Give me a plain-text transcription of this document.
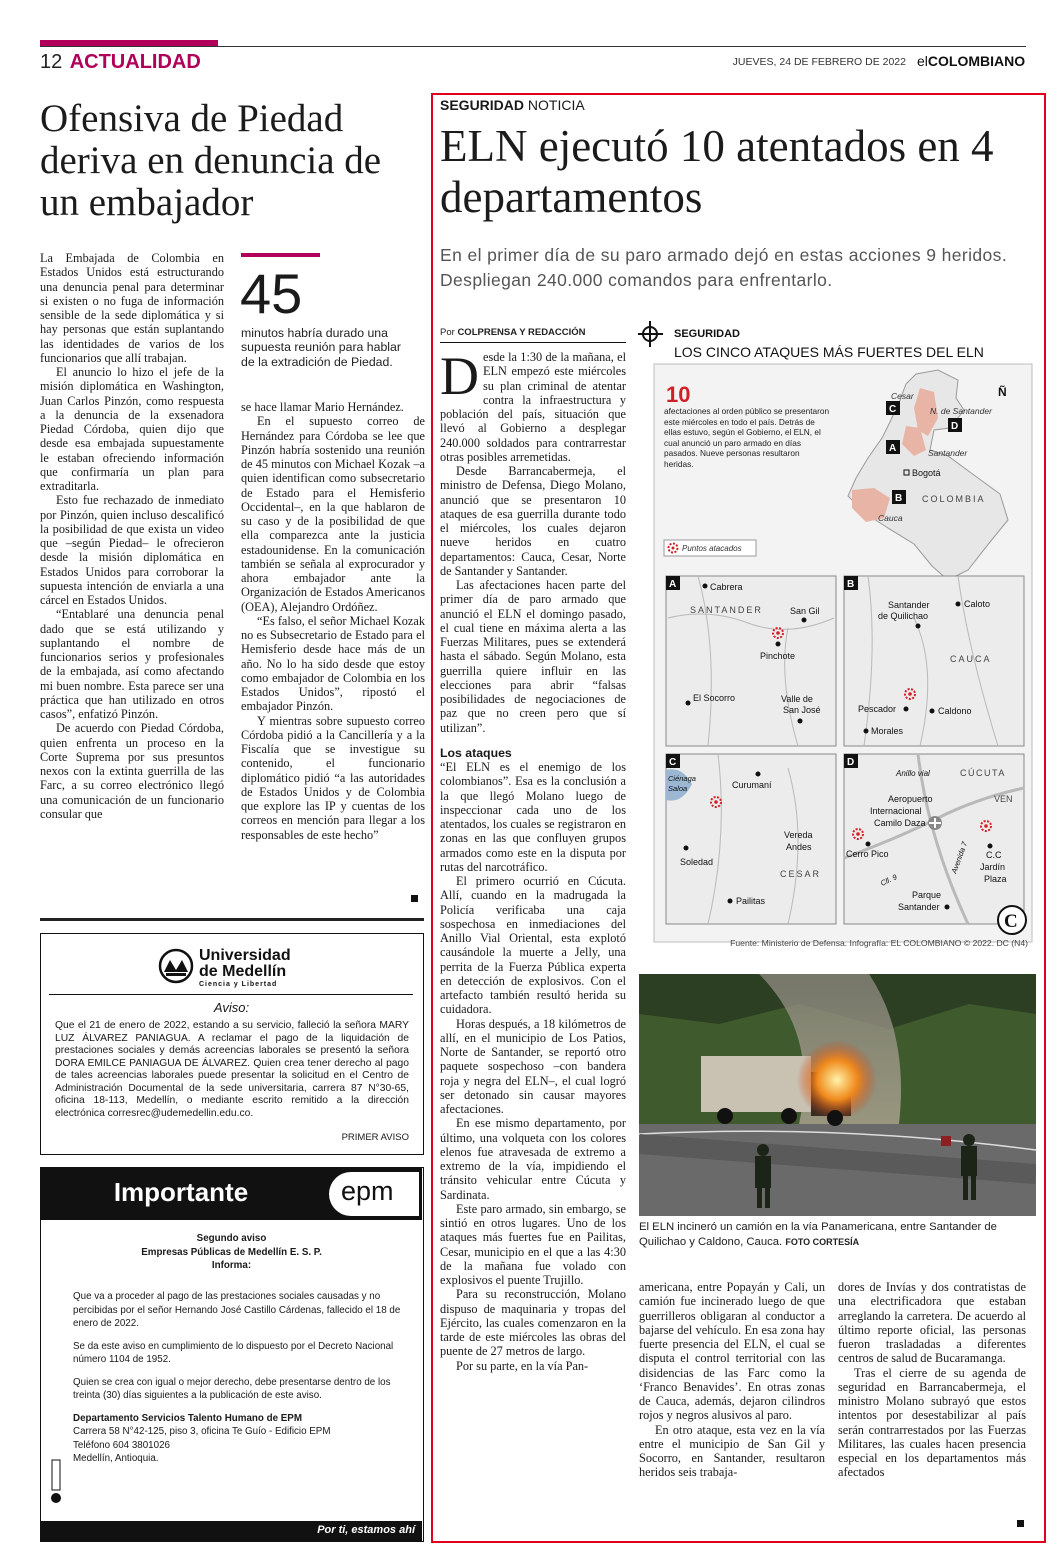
12 ACTUALIDAD	JUEVES, 24 DE FEBRERO DE 2022 elCOLOMBIANO
Ofensiva de Piedad deriva en denuncia de un embajador

La Embajada de Colombia en Estados Unidos está estructurando una denuncia penal para determinar si existen o no fuga de información sensible de la sede diplomática y si hay personas que están suplantando las identidades de varios de los funcionarios que allí trabajan.

El anuncio lo hizo el jefe de la misión diplomática en Washington, Juan Carlos Pinzón, como respuesta a la denuncia de la exsenadora Piedad Córdoba, quien dijo que desde esa embajada supuestamente le estaban ofreciendo información que confirmaría un plan para extraditarla.

Esto fue rechazado de inmediato por Pinzón, quien incluso descalificó la posibilidad de que exista un video que –según Piedad– le ofrecieron desde la misión diplomática en Estados Unidos para corroborar la supuesta intención de enviarla a una cárcel en Estados Unidos.

“Entablaré una denuncia penal dado que se está utilizando y suplantando el nombre de funcionarios serios y profesionales de la embajada, así como afectando mi buen nombre. Esta parece ser una práctica que han utilizado en otros casos”, enfatizó Pinzón.

De acuerdo con Piedad Córdoba, quien enfrenta un proceso en la Corte Suprema por sus presuntos nexos con la extinta guerrilla de las Farc, a su correo electrónico llegó una comunicación de un funcionario consular que

45
minutos habría durado una supuesta reunión para hablar de la extradición de Piedad.

se hace llamar Mario Hernández.

En el supuesto correo de Hernández para Córdoba se lee que Pinzón habría sostenido una reunión de 45 minutos con Michael Kozak –a quien identifican como subsecretario de Estado para el Hemisferio Occidental–, en la que hablaron de su caso y de la posibilidad de que ella comparezca ante la justicia estadounidense. En la comunicación también se señala al exprocurador y ahora embajador ante la Organización de Estados Americanos (OEA), Alejandro Ordóñez.

“Es falso, el señor Michael Kozak no es Subsecretario de Estado para el Hemisferio desde hace más de un año. No lo ha sido desde que estoy como embajador de Colombia en los Estados Unidos”, ripostó el embajador Pinzón.

Y mientras sobre supuesto correo Córdoba pidió a la Cancillería y a la Fiscalía que se investigue su contenido, el funcionario diplomático pidió “a las autoridades de Estados Unidos y de Colombia que explore las IP y cuentas de los correos en mención para llegar a los responsables de este hecho”

Universidad
de Medellín
Ciencia y Libertad
Aviso:
Que el 21 de enero de 2022, estando a su servicio, falleció la señora MARY LUZ ÁLVAREZ PANIAGUA. A reclamar el pago de la liquidación de prestaciones sociales y demás acreencias laborales se presentó la señora DORA EMILCE PANIAGUA DE ÁLVAREZ. Quien crea tener derecho al pago de tales acreencias laborales puede presentar la solicitud en el Centro de Administración Documental de la sede universitaria, carrera 87 N°30-65, oficina 18-113, Medellín, o mediante escrito remitido a la dirección electrónica corresrec@udemedellin.edu.co.
PRIMER AVISO
Importante	epm
Segundo aviso
Empresas Públicas de Medellín E. S. P.
Informa:

Que va a proceder al pago de las prestaciones sociales causadas y no percibidas por el señor Hernando José Castillo Cárdenas, fallecido el 18 de enero de 2022.

Se da este aviso en cumplimiento de lo dispuesto por el Decreto Nacional número 1104 de 1952.

Quien se crea con igual o mejor derecho, debe presentarse dentro de los treinta (30) días siguientes a la publicación de este aviso.

Departamento Servicios Talento Humano de EPM

Carrera 58 N°42-125, piso 3, oficina Te Guío - Edificio EPM

Teléfono 604 3801026

Medellín, Antioquia.

Por ti, estamos ahí
SEGURIDAD NOTICIA
ELN ejecutó 10 atentados en 4 departamentos
En el primer día de su paro armado dejó en estas acciones 9 heridos. Despliegan 240.000 comandos para enfrentarlo.
Por COLPRENSA Y REDACCIÓN

Desde la 1:30 de la mañana, el ELN empezó este miércoles su plan criminal de atentar contra la infraestructura y población del país, situación que llevó al Gobierno a desplegar 240.000 soldados para contrarrestar otras posibles arremetidas.

Desde Barrancabermeja, el ministro de Defensa, Diego Molano, anunció que se presentaron 10 ataques de esa guerrilla durante todo el miércoles, los cuales dejaron nueve heridos en cuatro departamentos: Cauca, Cesar, Norte de Santander y Santander.

Las afectaciones hacen parte del primer día de paro armado que anunció el ELN el domingo pasado, el cual tiene en máxima alerta a las Fuerzas Militares, pues se extenderá hasta el sábado. Según Molano, esta guerrilla quiere influir en las elecciones para abrir “falsas posibilidades de negociaciones de paz que no creen pero que sí utilizan”.

Los ataques

“El ELN es el enemigo de los colombianos”. Esa es la conclusión a la que llegó Molano luego de inspeccionar cada uno de los atentados, los cuales se registraron en zonas en las que confluyen grupos armados como este en la disputa por rutas del narcotráfico.

El primero ocurrió en Cúcuta. Allí, cuando en la madrugada la Policía verificaba una caja sospechosa en inmediaciones del Anillo Vial Oriental, esta explotó causándole la muerte a Jelly, una perrita de la Fuerza Pública experta en detección de explosivos. Con el artefacto también resultó herida su cuidadora.

Horas después, a 18 kilómetros de allí, en el municipio de Los Patios, Norte de Santander, se reportó otro paquete sospechoso –con bandera roja y negra del ELN–, el cual logró ser detonado sin causar mayores afectaciones.

En ese mismo departamento, por último, una volqueta con los colores elenos fue atravesada de extremo a extremo de la vía, impidiendo el tránsito vehicular entre Cúcuta y Sardinata.

Este paro armado, sin embargo, se sintió en otros lugares. Uno de los ataques más fuertes fue en Pailitas, Cesar, municipio en el que a las 4:30 de la mañana fue volado con explosivos el puente Trujillo.

Para su reconstrucción, Molano dispuso de maquinaria y tropas del Ejército, las cuales comenzaron en la tarde de este miércoles las obras del puente de 27 metros de largo.

Por su parte, en la vía Pan-

SEGURIDAD
LOS CINCO ATAQUES MÁS FUERTES DEL ELN
Cesar
N. de Santander
Santander
Bogotá
COLOMBIA
Cauca
C
D
A
B
Ñ
10
afectaciones al orden público se presentaron este miércoles en todo el país. Detrás de ellas estuvo, según el Gobierno, el ELN, el cual anunció un paro armado en días pasados. Nueve personas resultaron heridas.
Puntos atacados
A	Cabrera
SANTANDER	San Gil
Pinchote
El Socorro	Valle de
San José
B
Santander
de Quilichao
Caloto
CAUCA
Pescador	Caldono
Morales
C
Ciénaga
Saloa	Curumaní
Vereda
Andes
CESAR
Soledad
Pailitas
D
Anillo vial	CÚCUTA
Aeropuerto
Internacional
Camilo Daza
VEN
Cerro Pico	C.C
Jardín
Plaza
Cll. 9
Avenida 7
Parque
Santander
C
Fuente: Ministerio de Defensa. Infografía: EL COLOMBIANO © 2022. DC (N4)
El ELN incineró un camión en la vía Panamericana, entre Santander de Quilichao y Caldono, Cauca. FOTO CORTESÍA

americana, entre Popayán y Cali, un camión fue incinerado luego de que guerrilleros obligaran al conductor a bajarse del vehículo. En esa zona hay fuerte presencia del ELN, el cual se disputa el control territorial con las disidencias de las Farc como la ‘Franco Benavides’. En otras zonas de Cauca, además, dejaron cilindros rojos y negros alusivos al paro.

En otro ataque, esta vez en la vía entre el municipio de San Gil y Socorro, en Santander, resultaron heridos seis trabaja-

dores de Invías y dos contratistas de una electrificadora que estaban arreglando la carretera. De acuerdo al último reporte oficial, las personas fueron trasladadas a diferentes centros de salud de Bucaramanga.

Tras el cierre de su agenda de seguridad en Barrancabermeja, el ministro Molano subrayó que estos intentos por desestabilizar al país serán contrarrestados por las Fuerzas Militares, las cuales hacen presencia especial en los departamentos más afectados
